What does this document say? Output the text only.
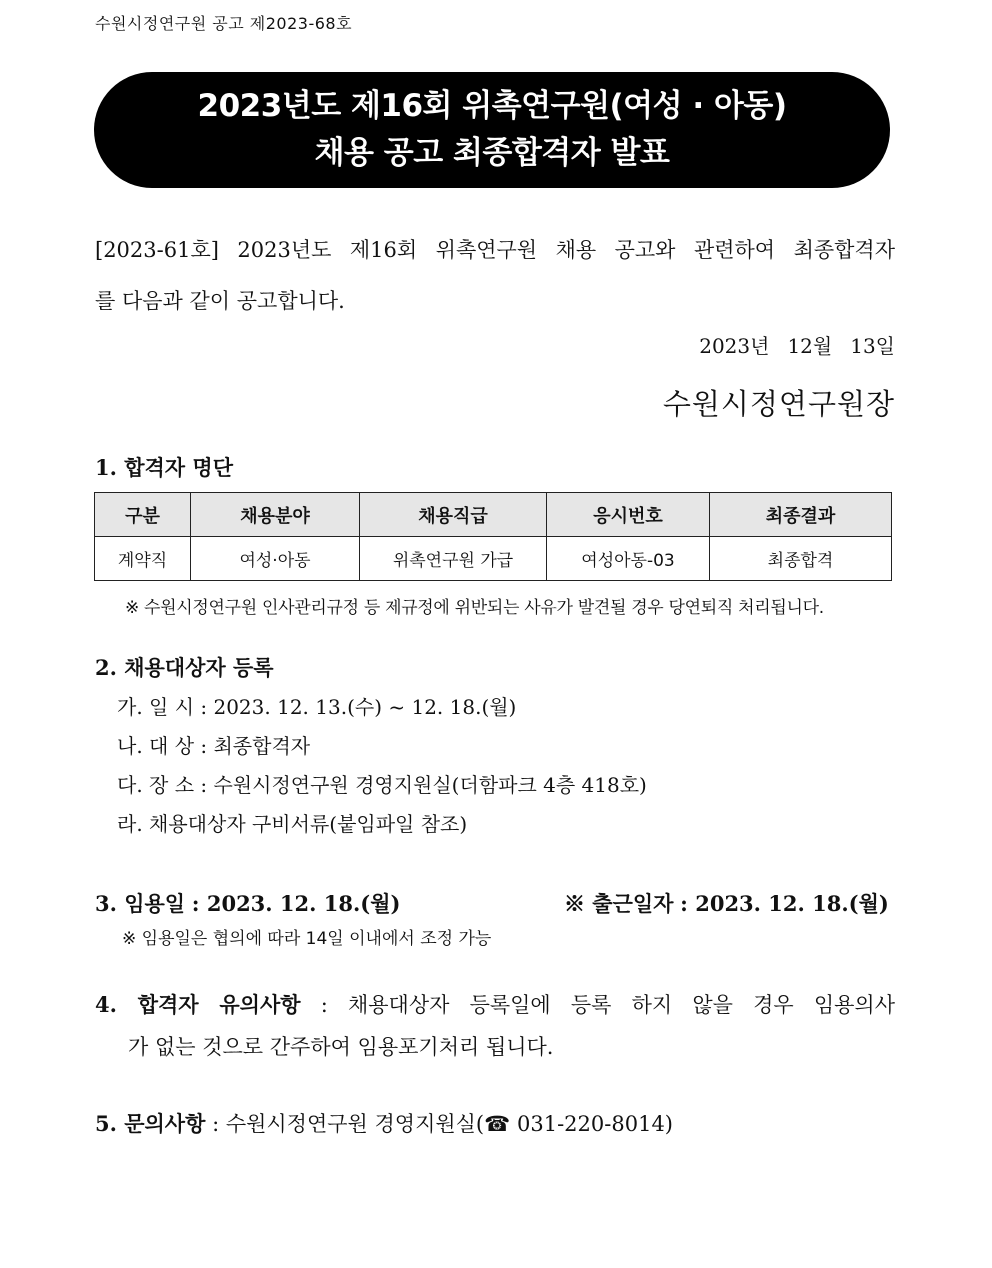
수원시정연구원 공고 제2023-68호
2023년도 제16회 위촉연구원(여성 · 아동)
채용 공고 최종합격자 발표
[2023-61호] 2023년도 제16회 위촉연구원 채용 공고와 관련하여 최종합격자
를 다음과 같이 공고합니다.
2023년 12월 13일
수원시정연구원장
1. 합격자 명단
구분	채용분야	채용직급	응시번호	최종결과
계약직	여성·아동	위촉연구원 가급	여성아동-03	최종합격
※ 수원시정연구원 인사관리규정 등 제규정에 위반되는 사유가 발견될 경우 당연퇴직 처리됩니다.
2. 채용대상자 등록
가. 일 시 : 2023. 12. 13.(수) ~ 12. 18.(월)
나. 대 상 : 최종합격자
다. 장 소 : 수원시정연구원 경영지원실(더함파크 4층 418호)
라. 채용대상자 구비서류(붙임파일 참조)
3. 임용일 : 2023. 12. 18.(월)	※ 출근일자 : 2023. 12. 18.(월)
※ 임용일은 협의에 따라 14일 이내에서 조정 가능
4. 합격자 유의사항 : 채용대상자 등록일에 등록 하지 않을 경우 임용의사
가 없는 것으로 간주하여 임용포기처리 됩니다.
5. 문의사항 : 수원시정연구원 경영지원실(☎ 031-220-8014)
